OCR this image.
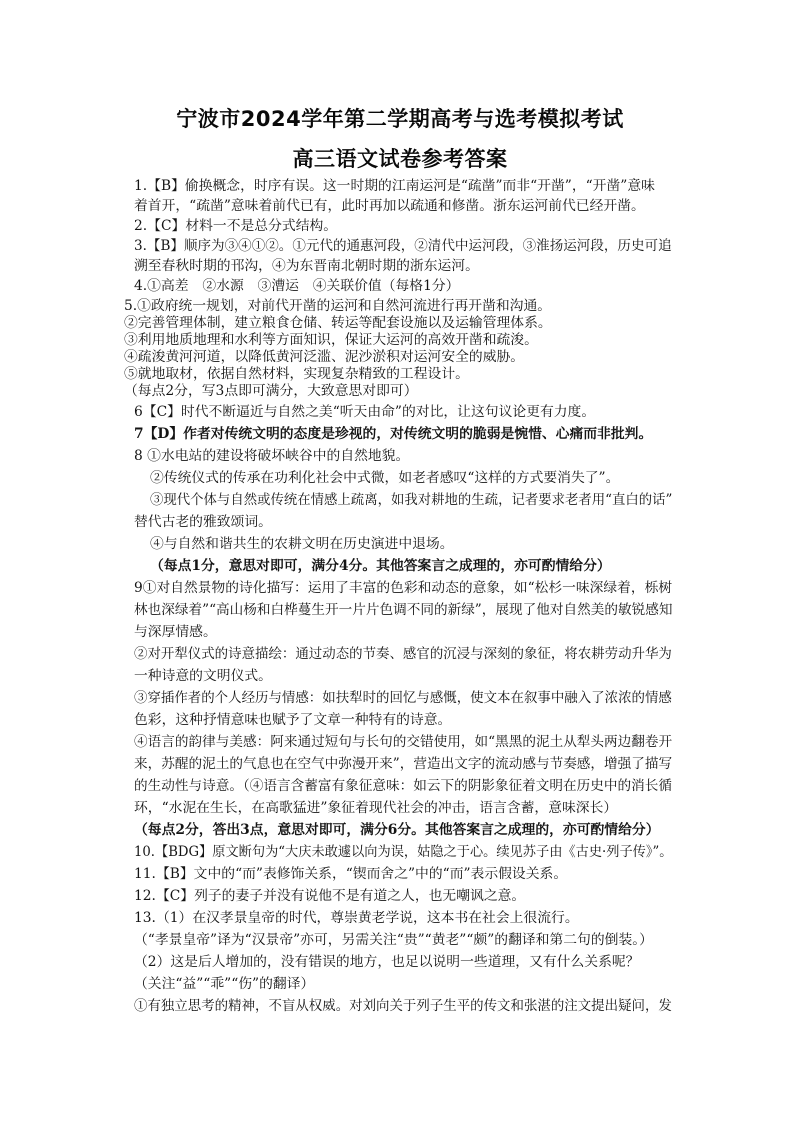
宁波市2024学年第二学期高考与选考模拟考试
高三语文试卷参考答案
1.【B】偷换概念，时序有误。这一时期的江南运河是“疏凿”而非“开凿”，“开凿”意味
着首开，“疏凿”意味着前代已有，此时再加以疏通和修凿。浙东运河前代已经开凿。
2.【C】材料一不是总分式结构。
3.【B】顺序为③④①②。①元代的通惠河段，②清代中运河段，③淮扬运河段，历史可追
溯至春秋时期的邗沟，④为东晋南北朝时期的浙东运河。
4.①高差　②水源　③漕运　④关联价值（每格1分）
5.①政府统一规划，对前代开凿的运河和自然河流进行再开凿和沟通。
②完善管理体制，建立粮食仓储、转运等配套设施以及运输管理体系。
③利用地质地理和水利等方面知识，保证大运河的高效开凿和疏浚。
④疏浚黄河河道，以降低黄河泛滥、泥沙淤积对运河安全的威胁。
⑤就地取材，依据自然材料，实现复杂精致的工程设计。
（每点2分，写3点即可满分，大致意思对即可）
6【C】时代不断逼近与自然之美“听天由命”的对比，让这句议论更有力度。
7【D】作者对传统文明的态度是珍视的，对传统文明的脆弱是惋惜、心痛而非批判。
8 ①水电站的建设将破坏峡谷中的自然地貌。
②传统仪式的传承在功利化社会中式微，如老者感叹“这样的方式要消失了”。
③现代个体与自然或传统在情感上疏离，如我对耕地的生疏，记者要求老者用“直白的话”
替代古老的雅致颂词。
④与自然和谐共生的农耕文明在历史演进中退场。
（每点1分，意思对即可，满分4分。其他答案言之成理的，亦可酌情给分）
9①对自然景物的诗化描写：运用了丰富的色彩和动态的意象，如“松杉一味深绿着，栎树
林也深绿着”“高山杨和白桦蔓生开一片片色调不同的新绿”，展现了他对自然美的敏锐感知
与深厚情感。
②对开犁仪式的诗意描绘：通过动态的节奏、感官的沉浸与深刻的象征，将农耕劳动升华为
一种诗意的文明仪式。
③穿插作者的个人经历与情感：如扶犁时的回忆与感慨，使文本在叙事中融入了浓浓的情感
色彩，这种抒情意味也赋予了文章一种特有的诗意。
④语言的韵律与美感：阿来通过短句与长句的交错使用，如“黑黑的泥土从犁头两边翻卷开
来，苏醒的泥土的气息也在空气中弥漫开来”，营造出文字的流动感与节奏感，增强了描写
的生动性与诗意。（④语言含蓄富有象征意味：如云下的阴影象征着文明在历史中的消长循
环，“水泥在生长，在高歌猛进”象征着现代社会的冲击，语言含蓄，意味深长）
（每点2分，答出3点，意思对即可，满分6分。其他答案言之成理的，亦可酌情给分）
10.【BDG】原文断句为“大庆未敢遽以向为误，姑隐之于心。续见苏子由《古史·列子传》”。
11.【B】文中的“而”表修饰关系，“锲而舍之”中的“而”表示假设关系。
12.【C】列子的妻子并没有说他不是有道之人，也无嘲讽之意。
13.（1）在汉孝景皇帝的时代，尊崇黄老学说，这本书在社会上很流行。
（“孝景皇帝”译为“汉景帝”亦可，另需关注“贵”“黄老”“颇”的翻译和第二句的倒装。）
（2）这是后人增加的，没有错误的地方，也足以说明一些道理，又有什么关系呢？
（关注“益”“乖”“伤”的翻译）
①有独立思考的精神，不盲从权威。对刘向关于列子生平的传文和张湛的注文提出疑问，发
